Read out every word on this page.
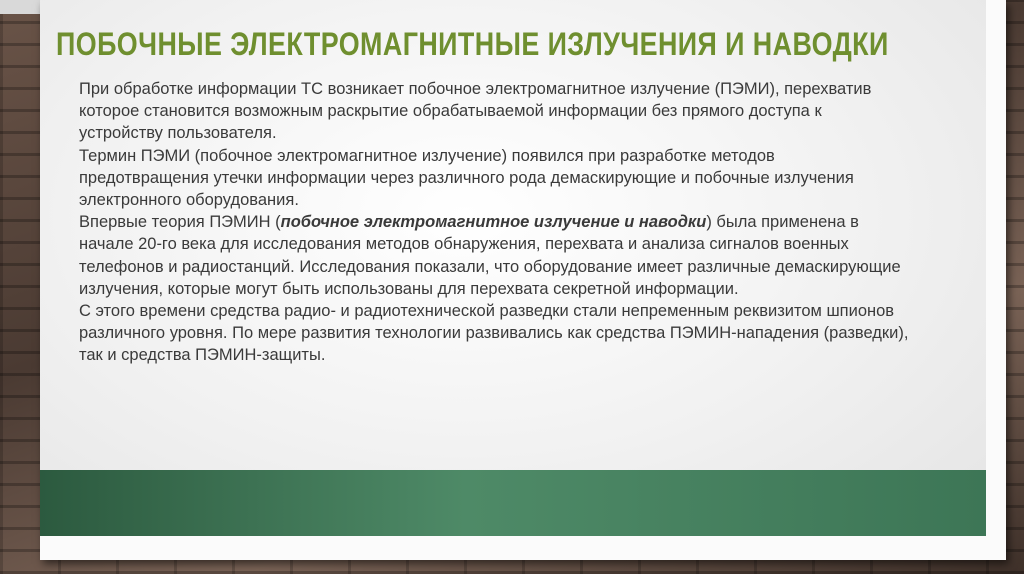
ПОБОЧНЫЕ ЭЛЕКТРОМАГНИТНЫЕ ИЗЛУЧЕНИЯ И НАВОДКИ

При обработке информации ТС возникает побочное электромагнитное излучение (ПЭМИ), перехватив которое становится возможным раскрытие обрабатываемой информации без прямого доступа к устройству пользователя.

Термин ПЭМИ (побочное электромагнитное излучение) появился при разработке методов предотвращения утечки информации через различного рода демаскирующие и побочные излучения электронного оборудования.

Впервые теория ПЭМИН (побочное электромагнитное излучение и наводки) была применена в начале 20-го века для исследования методов обнаружения, перехвата и анализа сигналов военных телефонов и радиостанций. Исследования показали, что оборудование имеет различные демаскирующие излучения, которые могут быть использованы для перехвата секретной информации.

С этого времени средства радио- и радиотехнической разведки стали непременным реквизитом шпионов различного уровня. По мере развития технологии развивались как средства ПЭМИН-нападения (разведки), так и средства ПЭМИН-защиты.
